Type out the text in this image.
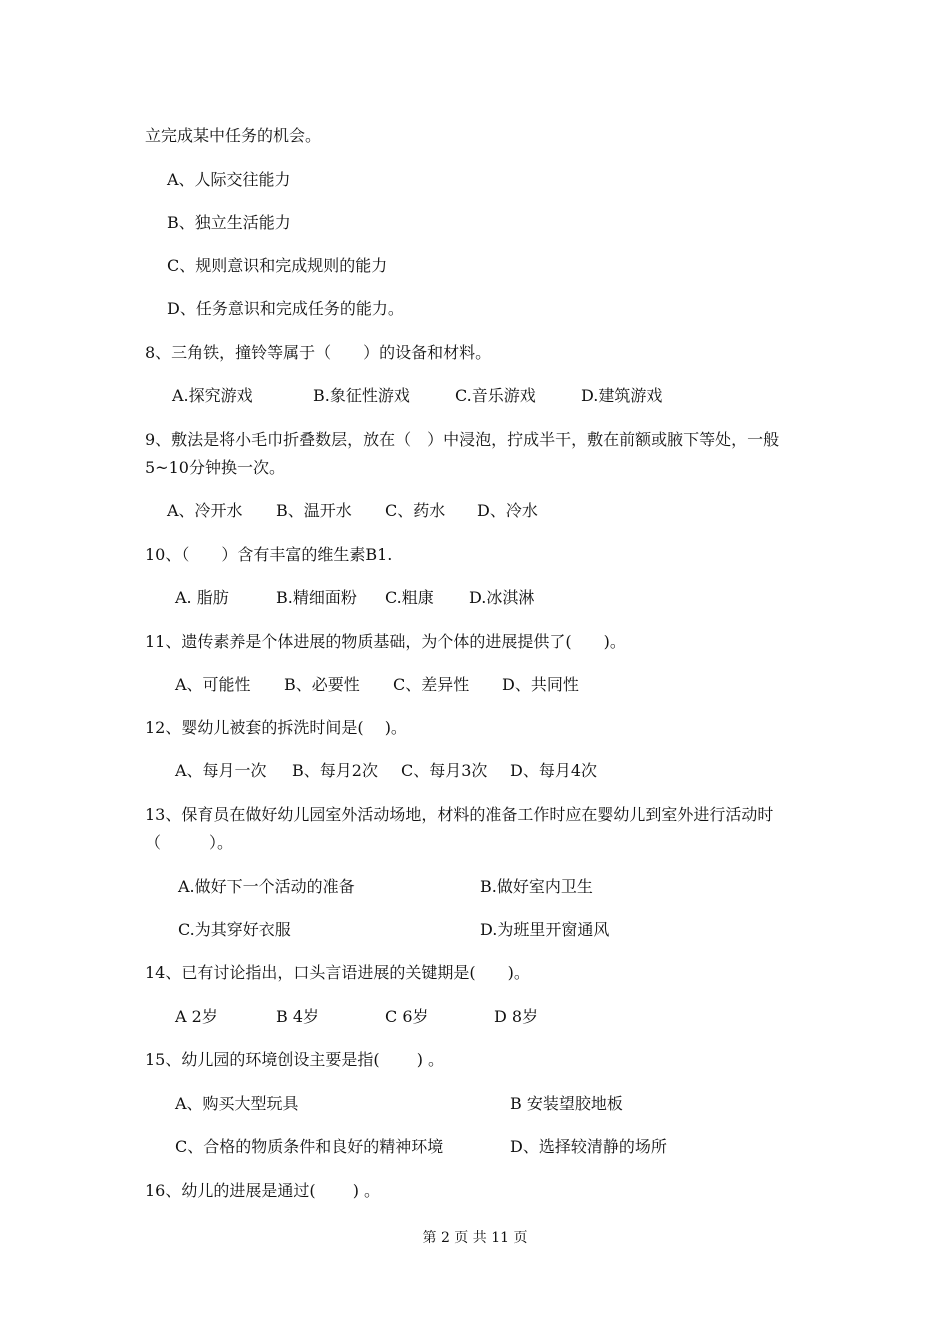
立完成某中任务的机会。
A、人际交往能力
B、独立生活能力
C、规则意识和完成规则的能力
D、任务意识和完成任务的能力。
8、三角铁，撞铃等属于（　　）的设备和材料。
A.探究游戏	B.象征性游戏	C.音乐游戏	D.建筑游戏
9、敷法是将小毛巾折叠数层，放在（　）中浸泡，拧成半干，敷在前额或腋下等处，一般
5~10分钟换一次。
A、冷开水 B、温开水 C、药水 D、冷水
10、（　　）含有丰富的维生素B1.
A. 脂肪	B.精细面粉 C.粗康 D.冰淇淋
11、遗传素养是个体进展的物质基础，为个体的进展提供了(　　)。
A、可能性 B、必要性 C、差异性 D、共同性
12、婴幼儿被套的拆洗时间是(　 )。
A、每月一次 B、每月2次 C、每月3次 D、每月4次
13、保育员在做好幼儿园室外活动场地，材料的准备工作时应在婴幼儿到室外进行活动时
（　　　）。
A.做好下一个活动的准备	B.做好室内卫生
C.为其穿好衣服	D.为班里开窗通风
14、已有讨论指出，口头言语进展的关键期是(　　)。
A 2岁	B 4岁	C 6岁	D 8岁
15、幼儿园的环境创设主要是指(　　 ) 。
A、购买大型玩具	B 安装望胶地板
C、合格的物质条件和良好的精神环境	D、选择较清静的场所
16、幼儿的进展是通过(　　 ) 。
第 2 页 共 11 页
